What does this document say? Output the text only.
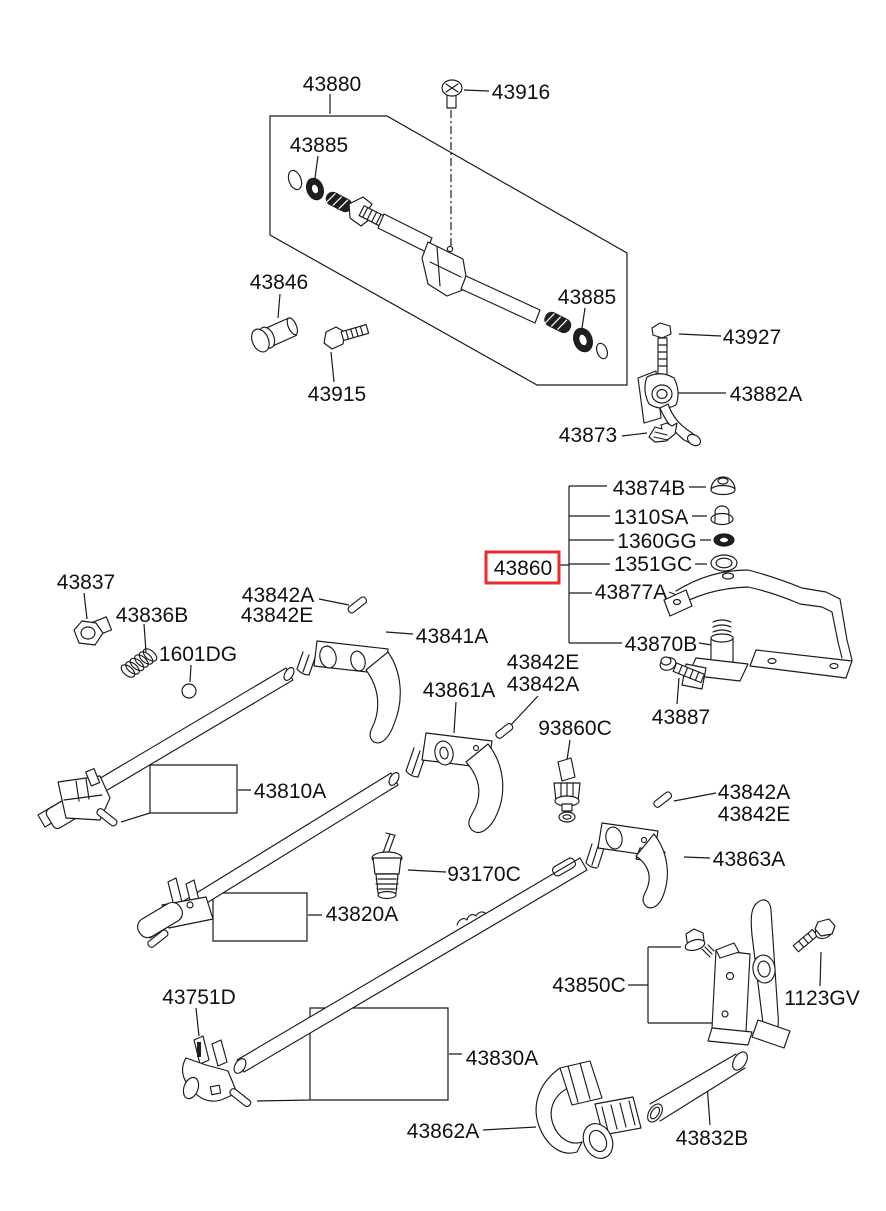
43880	43916
43885
43846
43885
43915
43927
43882A
43873
43874B
1310SA
1360GG
1351GC
43860
43877A
43870B
43887
43837
43836B
1601DG
43842A
43842E
43841A
43861A
43842E
43842A
93860C
43810A
93170C
43820A
43842A
43842E
43863A
43850C
1123GV
43751D
43830A
43862A	43832B
